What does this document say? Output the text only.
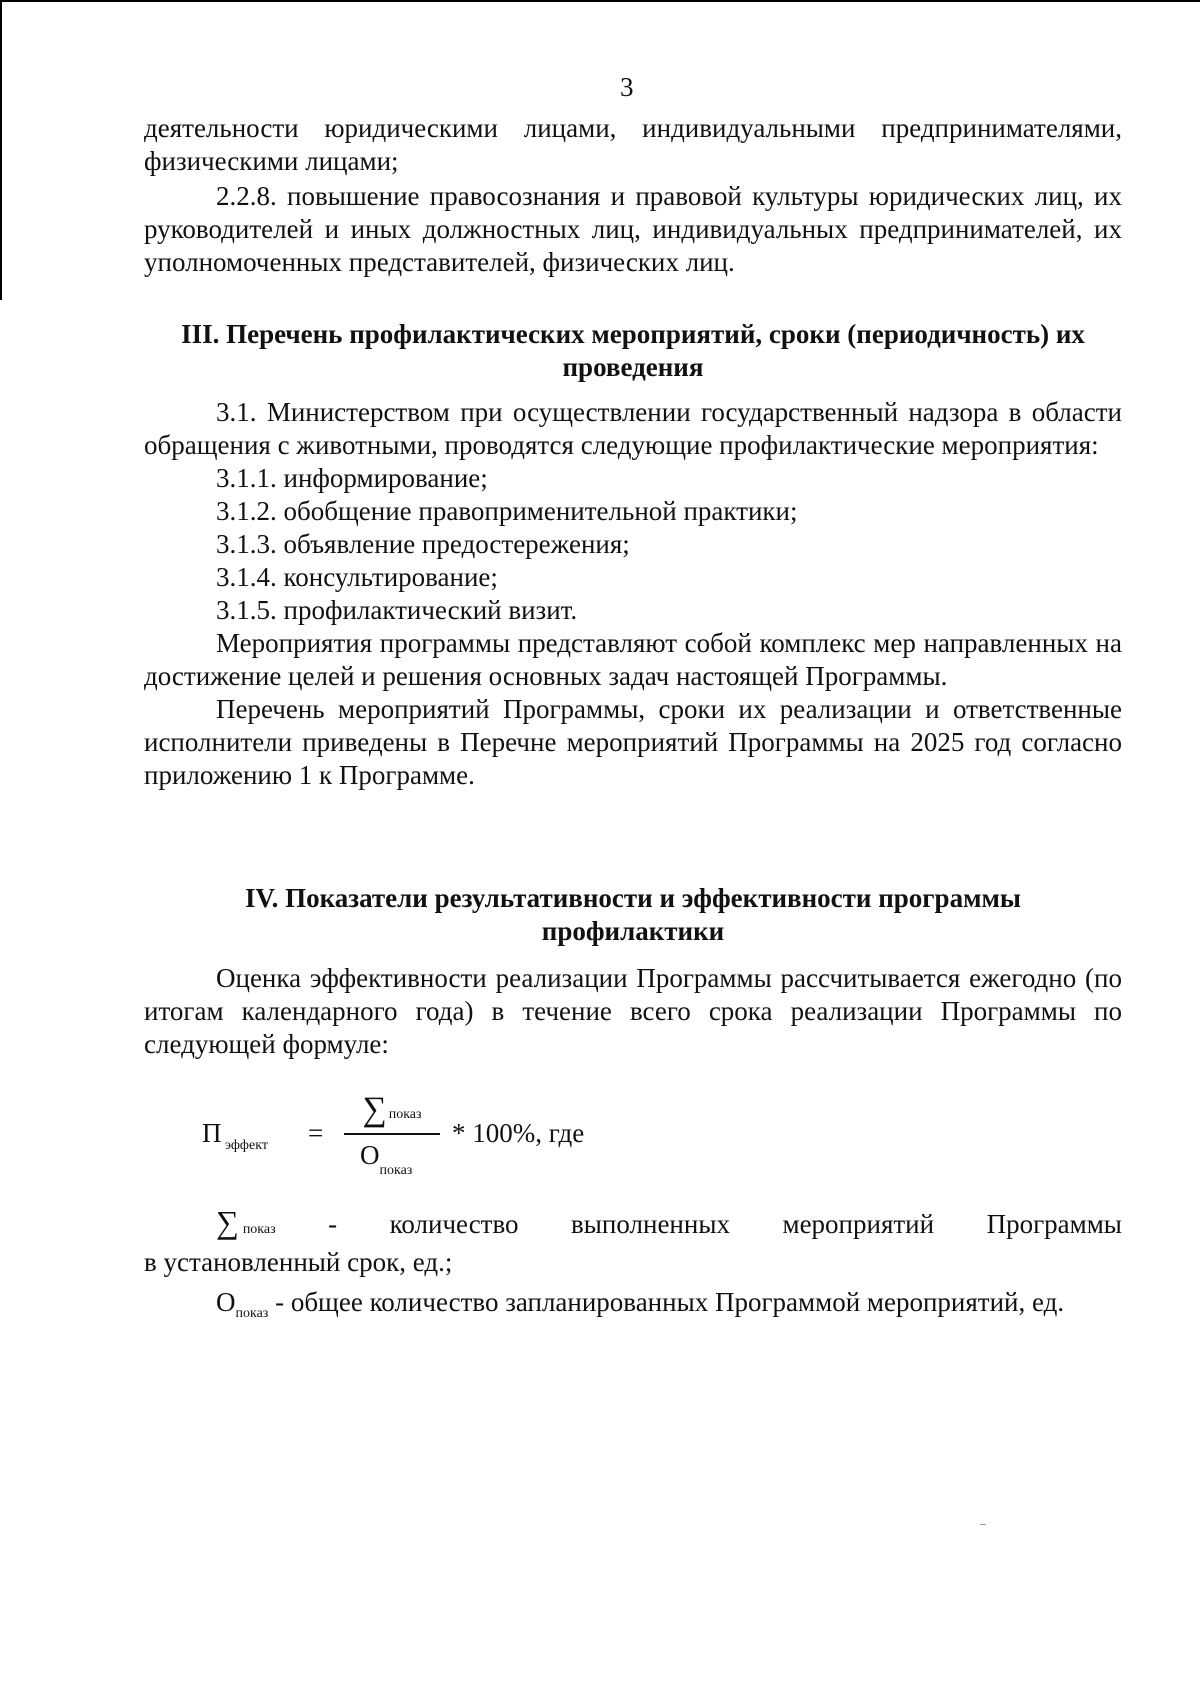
3

деятельности юридическими лицами, индивидуальными предпринимателями,

физическими лицами;

2.2.8. повышение правосознания и правовой культуры юридических лиц, их руководителей и иных должностных лиц, индивидуальных предпринимателей, их уполномоченных представителей, физических лиц.

III. Перечень профилактических мероприятий, сроки (периодичность) их
проведения

3.1. Министерством при осуществлении государственный надзора в области обращения с животными, проводятся следующие профилактические мероприятия:

3.1.1. информирование;

3.1.2. обобщение правоприменительной практики;

3.1.3. объявление предостережения;

3.1.4. консультирование;

3.1.5. профилактический визит.

Мероприятия программы представляют собой комплекс мер направленных на достижение целей и решения основных задач настоящей Программы.

Перечень мероприятий Программы, сроки их реализации и ответственные исполнители приведены в Перечне мероприятий Программы на 2025 год согласно приложению 1 к Программе.

IV. Показатели результативности и эффективности программы
профилактики

Оценка эффективности реализации Программы рассчитывается ежегодно (по итогам календарного года) в течение всего срока реализации Программы по следующей формуле:

П эффект =
∑ показ
$О_{показ}$
* 100%, где
∑ показ - количество выполненных мероприятий Программы

в установленный срок, ед.;

$О_{показ}$ - общее количество запланированных Программой мероприятий, ед.
